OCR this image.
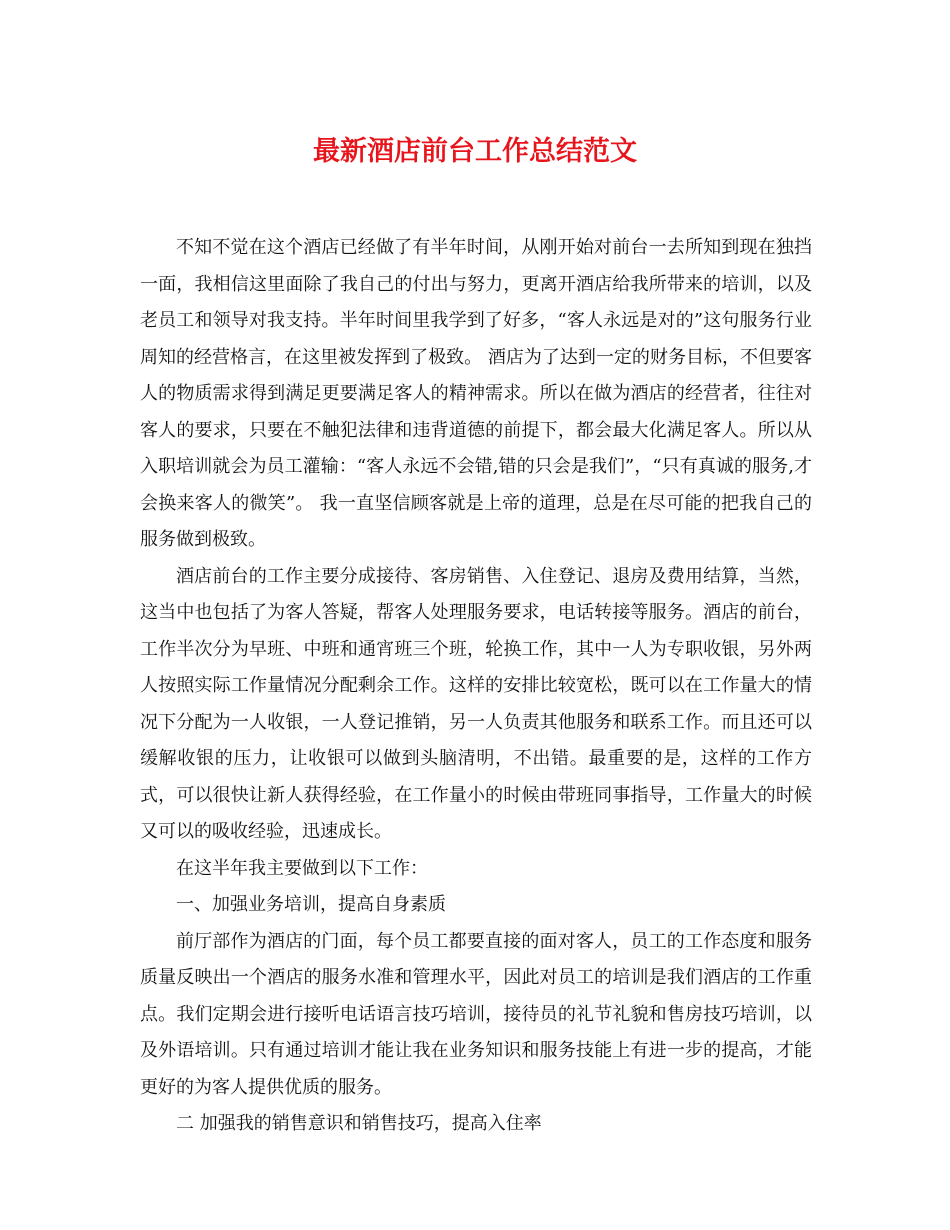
最新酒店前台工作总结范文

不知不觉在这个酒店已经做了有半年时间，从刚开始对前台一去所知到现在独挡一面，我相信这里面除了我自己的付出与努力，更离开酒店给我所带来的培训，以及老员工和领导对我支持。半年时间里我学到了好多，“客人永远是对的”这句服务行业周知的经营格言，在这里被发挥到了极致。 酒店为了达到一定的财务目标，不但要客人的物质需求得到满足更要满足客人的精神需求。所以在做为酒店的经营者，往往对客人的要求，只要在不触犯法律和违背道德的前提下，都会最大化满足客人。所以从入职培训就会为员工灌输：“客人永远不会错,错的只会是我们”，“只有真诚的服务,才会换来客人的微笑”。 我一直坚信顾客就是上帝的道理，总是在尽可能的把我自己的服务做到极致。

酒店前台的工作主要分成接待、客房销售、入住登记、退房及费用结算，当然，这当中也包括了为客人答疑，帮客人处理服务要求，电话转接等服务。酒店的前台，工作半次分为早班、中班和通宵班三个班，轮换工作，其中一人为专职收银，另外两人按照实际工作量情况分配剩余工作。这样的安排比较宽松，既可以在工作量大的情况下分配为一人收银，一人登记推销，另一人负责其他服务和联系工作。而且还可以缓解收银的压力，让收银可以做到头脑清明，不出错。最重要的是，这样的工作方式，可以很快让新人获得经验，在工作量小的时候由带班同事指导，工作量大的时候又可以的吸收经验，迅速成长。

在这半年我主要做到以下工作：

一、加强业务培训，提高自身素质

前厅部作为酒店的门面，每个员工都要直接的面对客人，员工的工作态度和服务质量反映出一个酒店的服务水准和管理水平，因此对员工的培训是我们酒店的工作重点。我们定期会进行接听电话语言技巧培训，接待员的礼节礼貌和售房技巧培训，以及外语培训。只有通过培训才能让我在业务知识和服务技能上有进一步的提高，才能更好的为客人提供优质的服务。

二 加强我的销售意识和销售技巧，提高入住率
